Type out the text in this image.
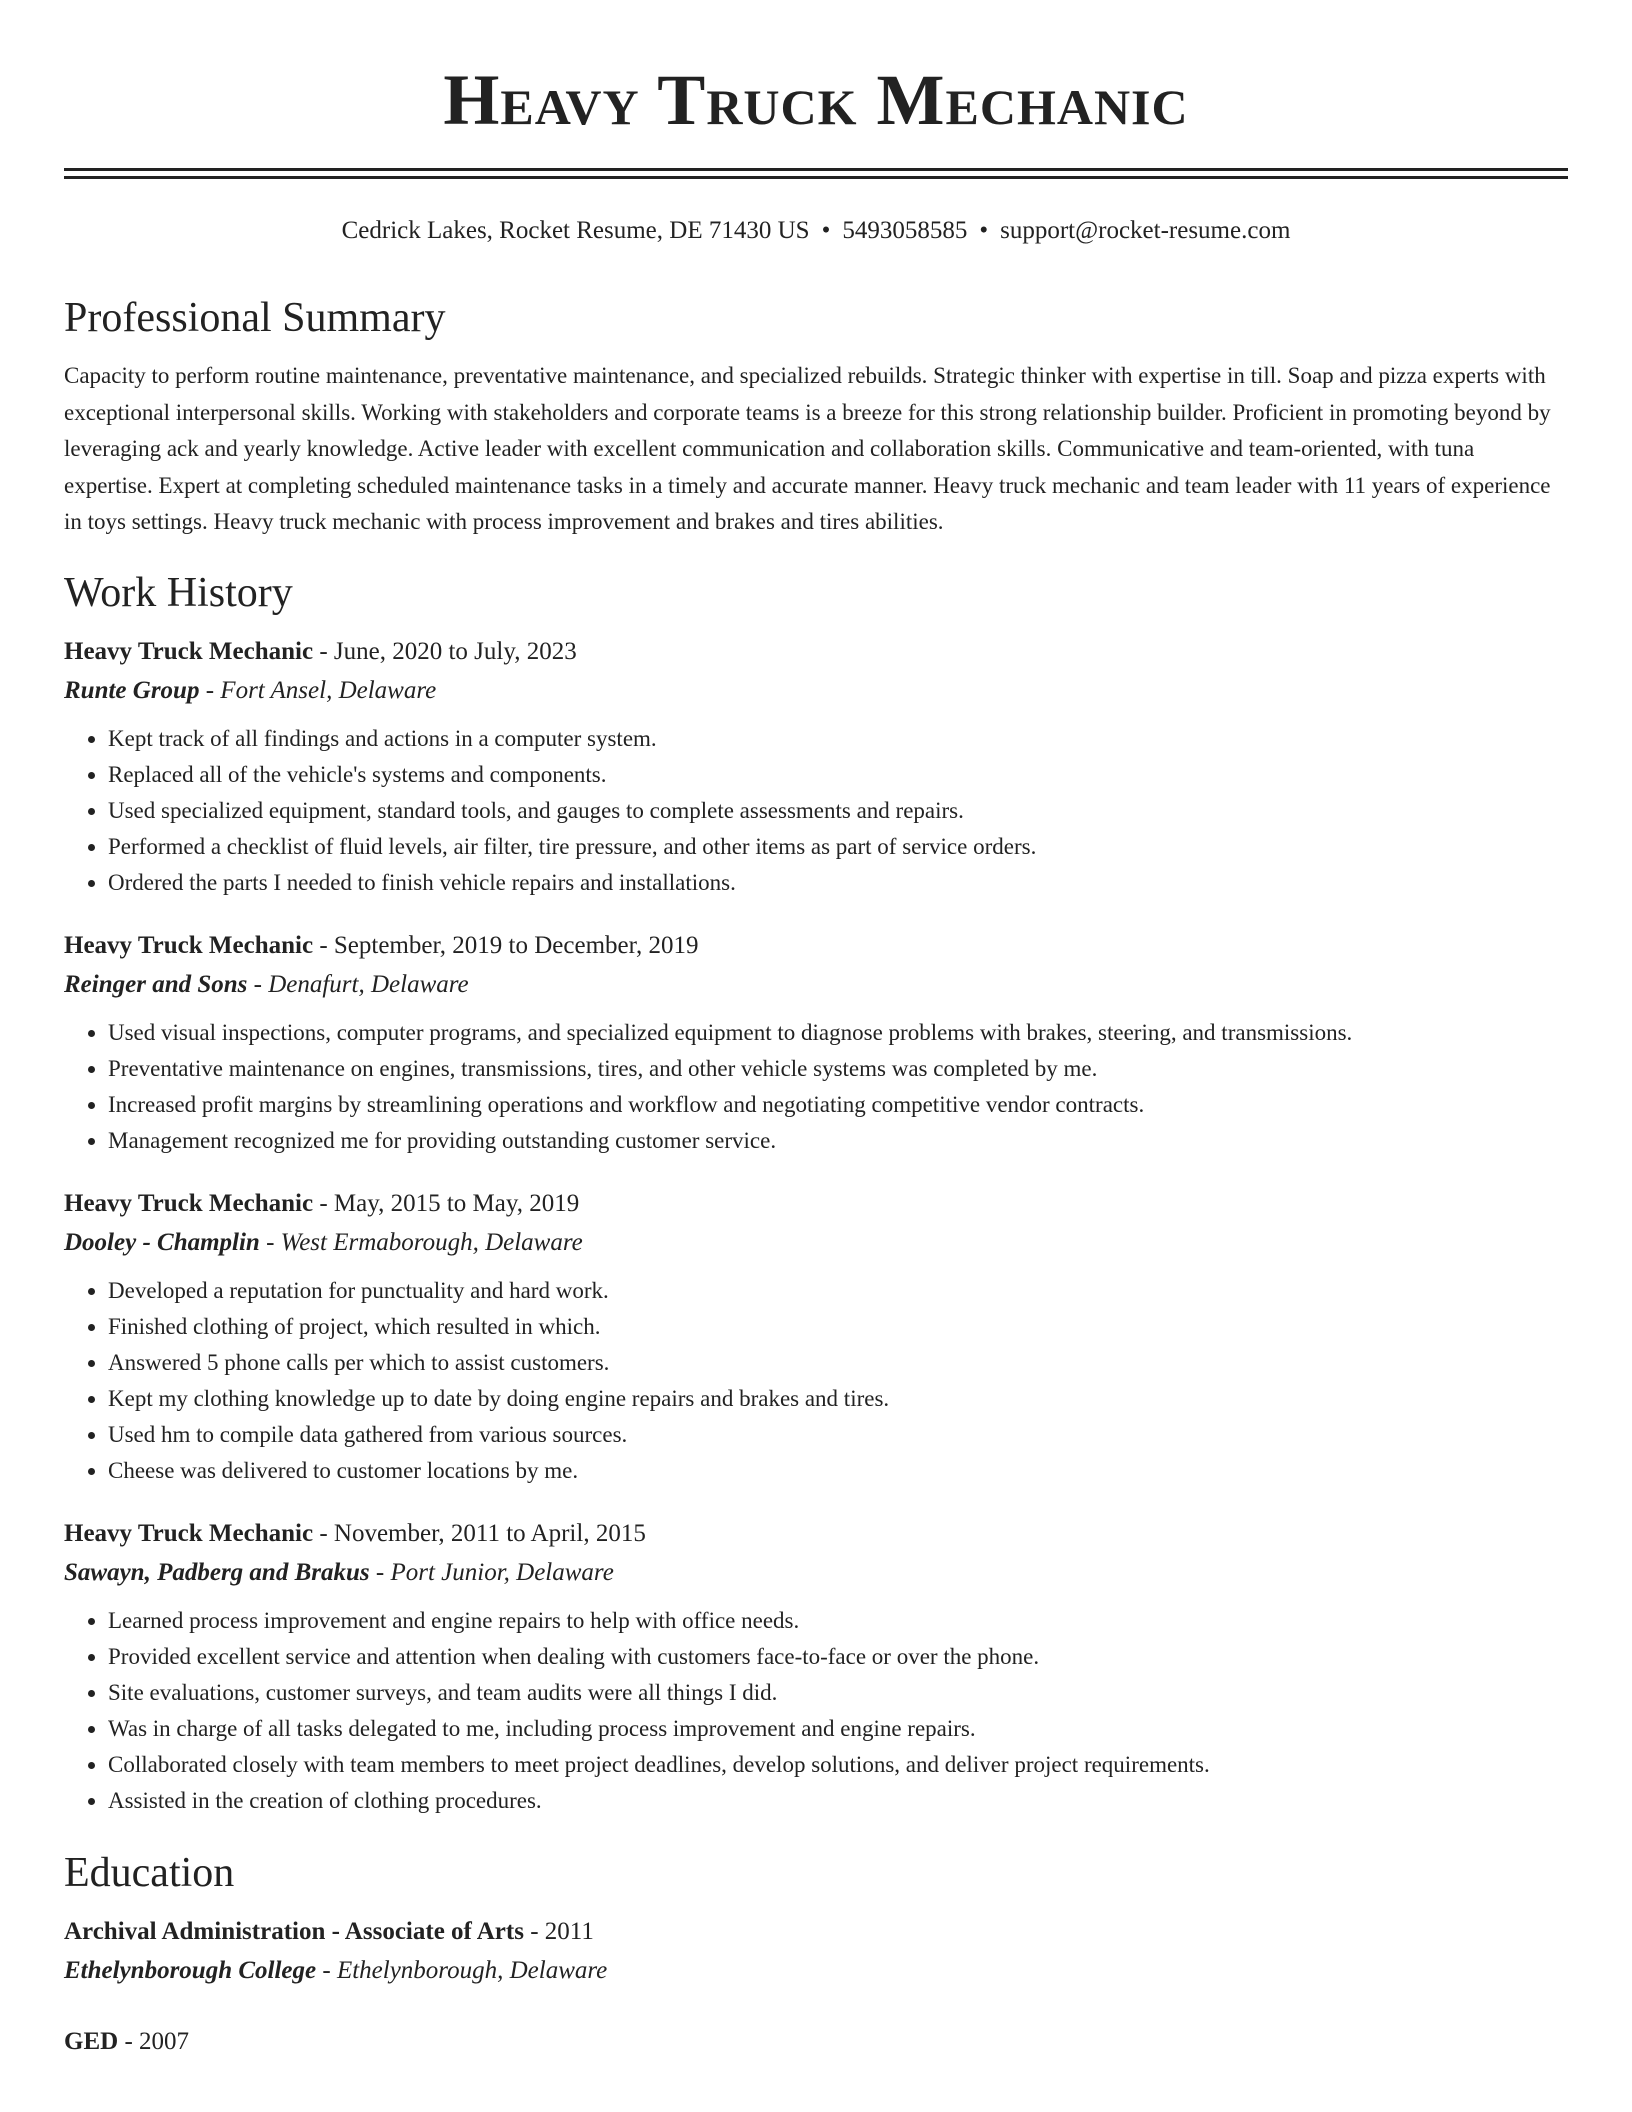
Heavy Truck Mechanic
Cedrick Lakes, Rocket Resume, DE 71430 US • 5493058585 • support@rocket-resume.com
Professional Summary

Capacity to perform routine maintenance, preventative maintenance, and specialized rebuilds. Strategic thinker with expertise in till. Soap and pizza experts with exceptional interpersonal skills. Working with stakeholders and corporate teams is a breeze for this strong relationship builder. Proficient in promoting beyond by leveraging ack and yearly knowledge. Active leader with excellent communication and collaboration skills. Communicative and team-oriented, with tuna expertise. Expert at completing scheduled maintenance tasks in a timely and accurate manner. Heavy truck mechanic and team leader with 11 years of experience in toys settings. Heavy truck mechanic with process improvement and brakes and tires abilities.

Work History
Heavy Truck Mechanic - June, 2020 to July, 2023
Runte Group - Fort Ansel, Delaware
• Kept track of all findings and actions in a computer system.
• Replaced all of the vehicle's systems and components.
• Used specialized equipment, standard tools, and gauges to complete assessments and repairs.
• Performed a checklist of fluid levels, air filter, tire pressure, and other items as part of service orders.
• Ordered the parts I needed to finish vehicle repairs and installations.
Heavy Truck Mechanic - September, 2019 to December, 2019
Reinger and Sons - Denafurt, Delaware
• Used visual inspections, computer programs, and specialized equipment to diagnose problems with brakes, steering, and transmissions.
• Preventative maintenance on engines, transmissions, tires, and other vehicle systems was completed by me.
• Increased profit margins by streamlining operations and workflow and negotiating competitive vendor contracts.
• Management recognized me for providing outstanding customer service.
Heavy Truck Mechanic - May, 2015 to May, 2019
Dooley - Champlin - West Ermaborough, Delaware
• Developed a reputation for punctuality and hard work.
• Finished clothing of project, which resulted in which.
• Answered 5 phone calls per which to assist customers.
• Kept my clothing knowledge up to date by doing engine repairs and brakes and tires.
• Used hm to compile data gathered from various sources.
• Cheese was delivered to customer locations by me.
Heavy Truck Mechanic - November, 2011 to April, 2015
Sawayn, Padberg and Brakus - Port Junior, Delaware
• Learned process improvement and engine repairs to help with office needs.
• Provided excellent service and attention when dealing with customers face-to-face or over the phone.
• Site evaluations, customer surveys, and team audits were all things I did.
• Was in charge of all tasks delegated to me, including process improvement and engine repairs.
• Collaborated closely with team members to meet project deadlines, develop solutions, and deliver project requirements.
• Assisted in the creation of clothing procedures.
Education
Archival Administration - Associate of Arts - 2011
Ethelynborough College - Ethelynborough, Delaware
GED - 2007
